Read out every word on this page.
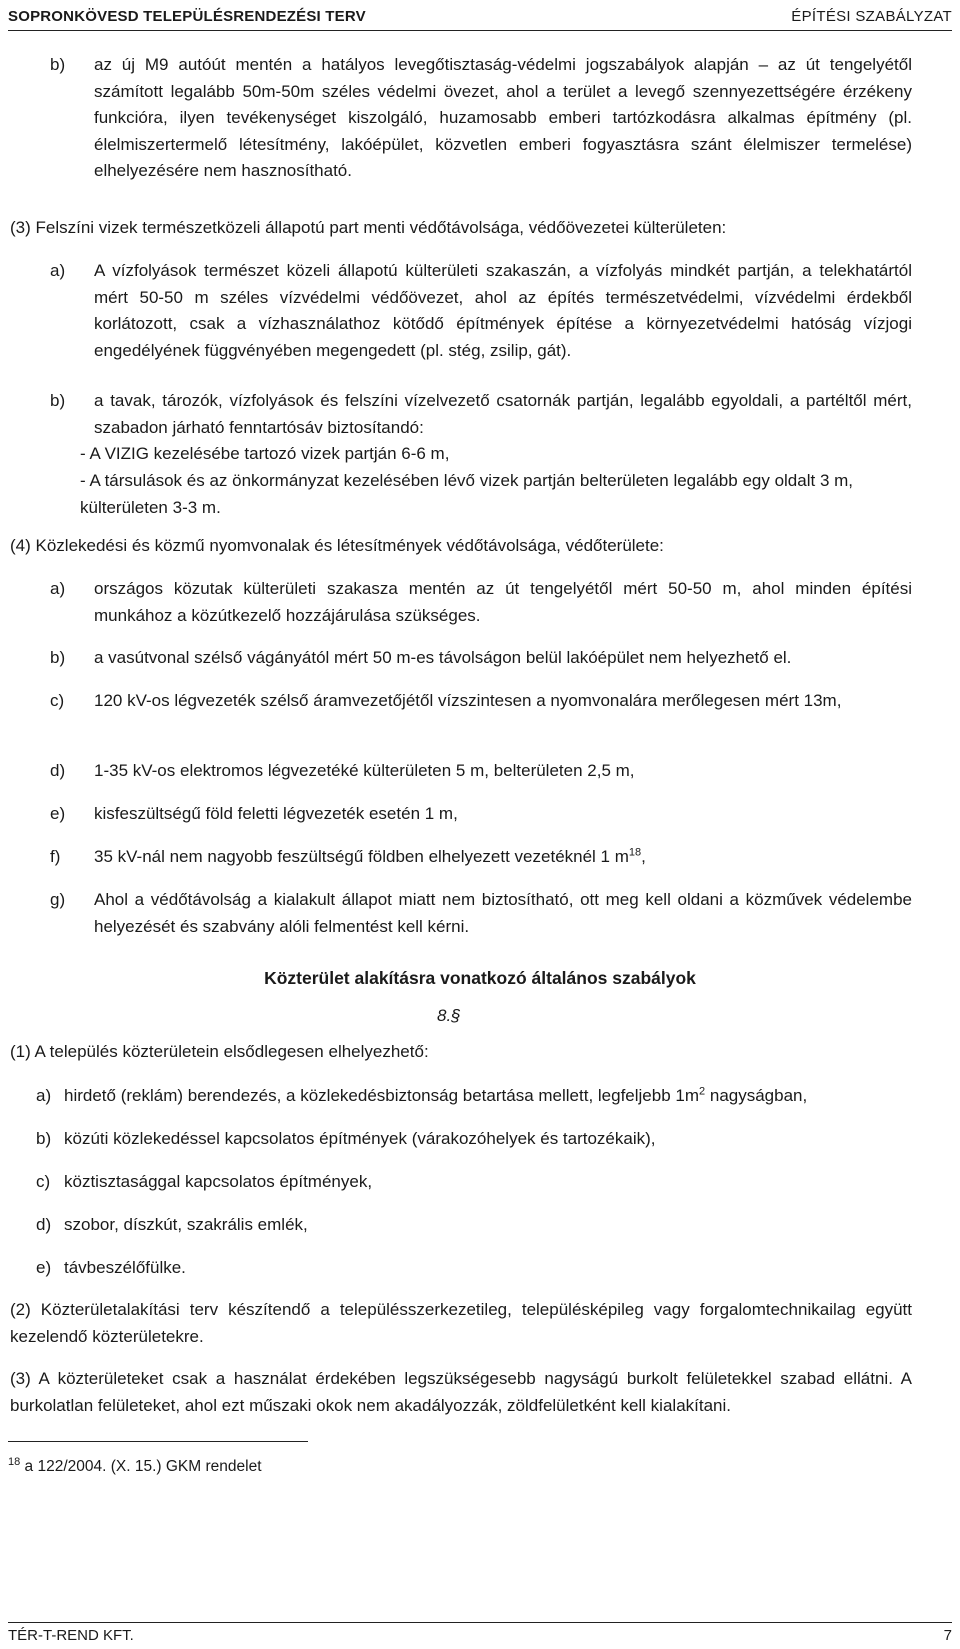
SOPRONKÖVESD TELEPÜLÉSRENDEZÉSI TERV	ÉPÍTÉSI SZABÁLYZAT
b) az új M9 autóút mentén a hatályos levegőtisztaság-védelmi jogszabályok alapján – az út tengelyétől számított legalább 50m-50m széles védelmi övezet, ahol a terület a levegő szennyezettségére érzékeny funkcióra, ilyen tevékenységet kiszolgáló, huzamosabb emberi tartózkodásra alkalmas építmény (pl. élelmiszertermelő létesítmény, lakóépület, közvetlen emberi fogyasztásra szánt élelmiszer termelése) elhelyezésére nem hasznosítható.
(3) Felszíni vizek természetközeli állapotú part menti védőtávolsága, védőövezetei külterületen:
a) A vízfolyások természet közeli állapotú külterületi szakaszán, a vízfolyás mindkét partján, a telekhatártól mért 50-50 m széles vízvédelmi védőövezet, ahol az építés természetvédelmi, vízvédelmi érdekből korlátozott, csak a vízhasználathoz kötődő építmények építése a környezetvédelmi hatóság vízjogi engedélyének függvényében megengedett (pl. stég, zsilip, gát).
b) a tavak, tározók, vízfolyások és felszíni vízelvezető csatornák partján, legalább egyoldali, a partéltől mért, szabadon járható fenntartósáv biztosítandó:
- A VIZIG kezelésébe tartozó vizek partján 6-6 m,
- A társulások és az önkormányzat kezelésében lévő vizek partján belterületen legalább egy oldalt 3 m, külterületen 3-3 m.
(4) Közlekedési és közmű nyomvonalak és létesítmények védőtávolsága, védőterülete:
a) országos közutak külterületi szakasza mentén az út tengelyétől mért 50-50 m, ahol minden építési munkához a közútkezelő hozzájárulása szükséges.
b) a vasútvonal szélső vágányától mért 50 m-es távolságon belül lakóépület nem helyezhető el.
c) 120 kV-os légvezeték szélső áramvezetőjétől vízszintesen a nyomvonalára merőlegesen mért 13m,
d) 1-35 kV-os elektromos légvezetéké külterületen 5 m, belterületen 2,5 m,
e) kisfeszültségű föld feletti légvezeték esetén 1 m,
f) 35 kV-nál nem nagyobb feszültségű földben elhelyezett vezetéknél 1 $m^{18}$,
g) Ahol a védőtávolság a kialakult állapot miatt nem biztosítható, ott meg kell oldani a közművek védelembe helyezését és szabvány alóli felmentést kell kérni.
Közterület alakításra vonatkozó általános szabályok
8.§
(1) A település közterületein elsődlegesen elhelyezhető:
a) hirdető (reklám) berendezés, a közlekedésbiztonság betartása mellett, legfeljebb $1m^2$ nagyságban,
b) közúti közlekedéssel kapcsolatos építmények (várakozóhelyek és tartozékaik),
c) köztisztasággal kapcsolatos építmények,
d) szobor, díszkút, szakrális emlék,
e) távbeszélőfülke.
(2) Közterületalakítási terv készítendő a településszerkezetileg, településképileg vagy forgalomtechnikailag együtt kezelendő közterületekre.
(3) A közterületeket csak a használat érdekében legszükségesebb nagyságú burkolt felületekkel szabad ellátni. A burkolatlan felületeket, ahol ezt műszaki okok nem akadályozzák, zöldfelületként kell kialakítani.
$^{18}$ a 122/2004. (X. 15.) GKM rendelet
TÉR-T-REND KFT.	7
